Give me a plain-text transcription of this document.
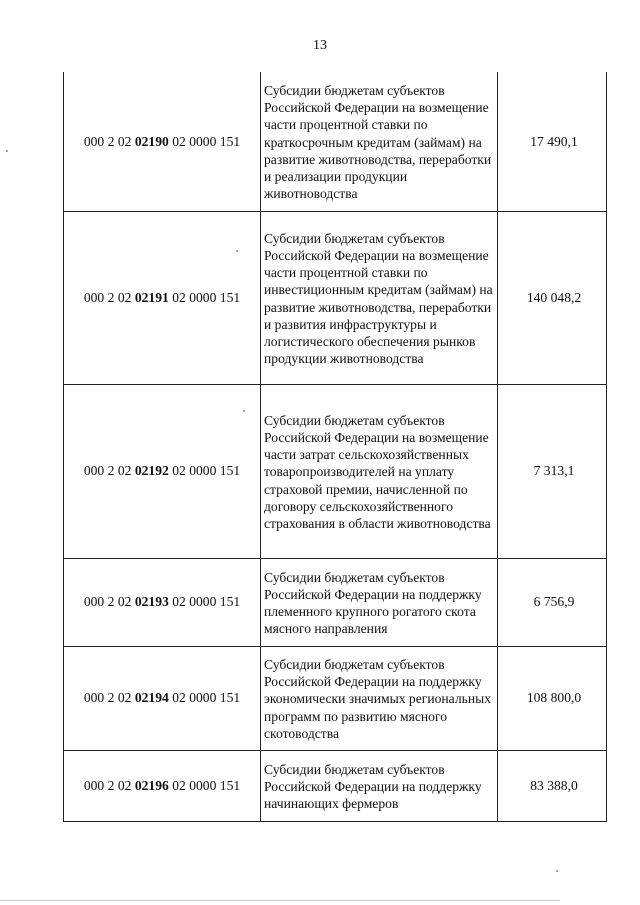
13
000 2 02 02190 02 0000 151	Субсидии бюджетам субъектов Российской Федерации на возмещение части процентной ставки по краткосрочным кредитам (займам) на развитие животноводства, переработки и реализации продукции животноводства	17 490,1
000 2 02 02191 02 0000 151	Субсидии бюджетам субъектов Российской Федерации на возмещение части процентной ставки по инвестиционным кредитам (займам) на развитие животноводства, переработки и развития инфраструктуры и логистического обеспечения рынков продукции животноводства	140 048,2
000 2 02 02192 02 0000 151	Субсидии бюджетам субъектов Российской Федерации на возмещение части затрат сельскохозяйственных товаропроизводителей на уплату страховой премии, начисленной по договору сельскохозяйственного страхования в области животноводства	7 313,1
000 2 02 02193 02 0000 151	Субсидии бюджетам субъектов Российской Федерации на поддержку племенного крупного рогатого скота мясного направления	6 756,9
000 2 02 02194 02 0000 151	Субсидии бюджетам субъектов Российской Федерации на поддержку экономически значимых региональных программ по развитию мясного скотоводства	108 800,0
000 2 02 02196 02 0000 151	Субсидии бюджетам субъектов Российской Федерации на поддержку начинающих фермеров	83 388,0
